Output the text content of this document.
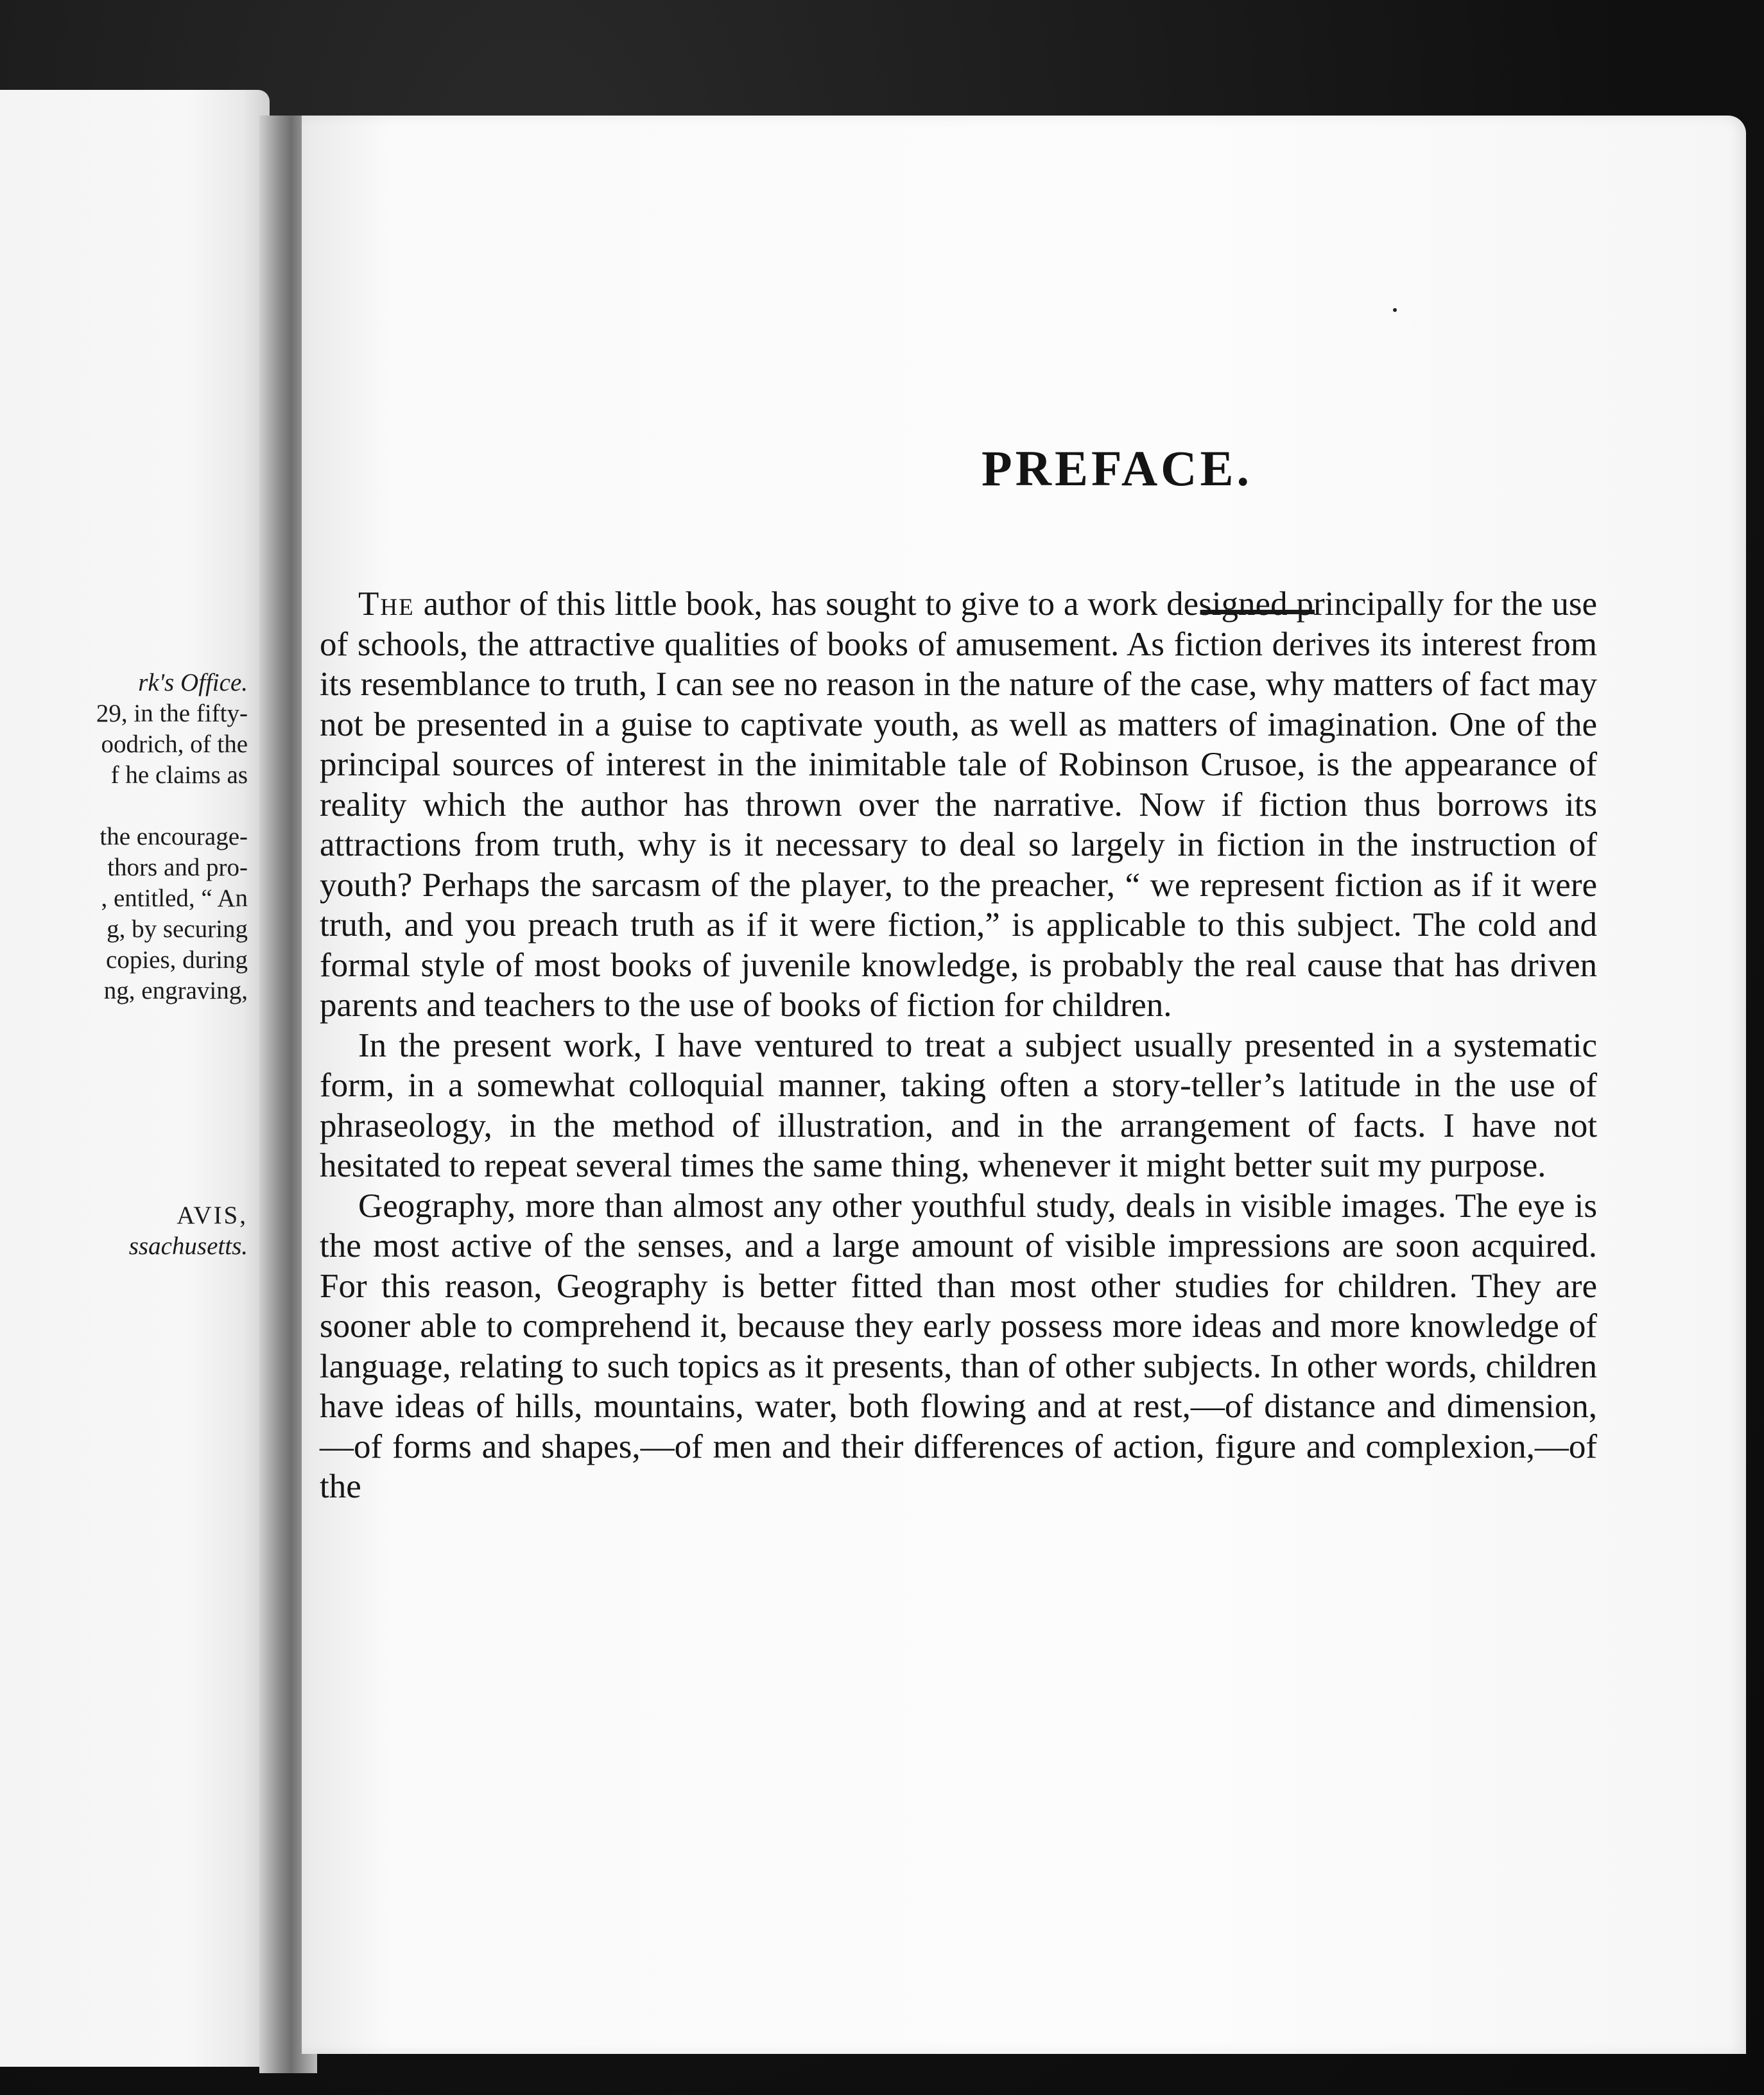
rk's Office.
29, in the fifty-
oodrich, of the
f he claims as
the encourage-
thors and pro-
, entitled, “ An
g, by securing
copies, during
ng, engraving,
AVIS,
ssachusetts.
PREFACE.

The author of this little book, has sought to give to a work designed principally for the use of schools, the attractive qualities of books of amusement. As fiction derives its interest from its resemblance to truth, I can see no reason in the nature of the case, why matters of fact may not be presented in a guise to captivate youth, as well as matters of imagination. One of the principal sources of interest in the inimitable tale of Robinson Crusoe, is the appearance of reality which the author has thrown over the narrative. Now if fiction thus borrows its attractions from truth, why is it necessary to deal so largely in fiction in the instruction of youth? Perhaps the sarcasm of the player, to the preacher, “ we represent fiction as if it were truth, and you preach truth as if it were fiction,” is applicable to this subject. The cold and formal style of most books of juvenile knowledge, is probably the real cause that has driven parents and teachers to the use of books of fiction for children.

In the present work, I have ventured to treat a subject usually presented in a systematic form, in a somewhat colloquial manner, taking often a story-teller’s latitude in the use of phraseology, in the method of illustration, and in the arrangement of facts. I have not hesitated to repeat several times the same thing, whenever it might better suit my purpose.

Geography, more than almost any other youthful study, deals in visible images. The eye is the most active of the senses, and a large amount of visible impressions are soon acquired. For this reason, Geography is better fitted than most other studies for children. They are sooner able to comprehend it, because they early possess more ideas and more knowledge of language, relating to such topics as it presents, than of other subjects. In other words, children have ideas of hills, mountains, water, both flowing and at rest,—of distance and dimension,—of forms and shapes,—of men and their differences of action, figure and complexion,—of the
